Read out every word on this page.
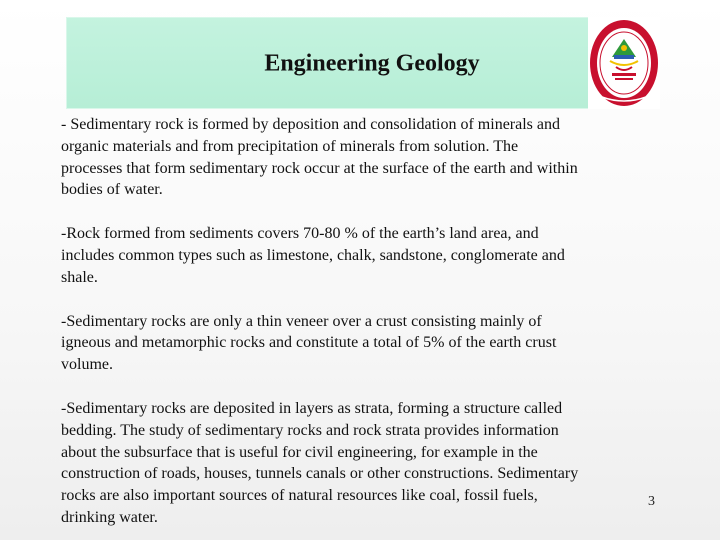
Engineering Geology

- Sedimentary rock is formed by deposition and consolidation of minerals and
organic materials and from precipitation of minerals from solution. The
processes that form sedimentary rock occur at the surface of the earth and within
bodies of water.

-Rock formed from sediments covers 70-80 % of the earth’s land area, and
includes common types such as limestone, chalk, sandstone, conglomerate and
shale.

-Sedimentary rocks are only a thin veneer over a crust consisting mainly of
igneous and metamorphic rocks and constitute a total of 5% of the earth crust
volume.

-Sedimentary rocks are deposited in layers as strata, forming a structure called
bedding. The study of sedimentary rocks and rock strata provides information
about the subsurface that is useful for civil engineering, for example in the
construction of roads, houses, tunnels canals or other constructions. Sedimentary
rocks are also important sources of natural resources like coal, fossil fuels,
drinking water.

3
